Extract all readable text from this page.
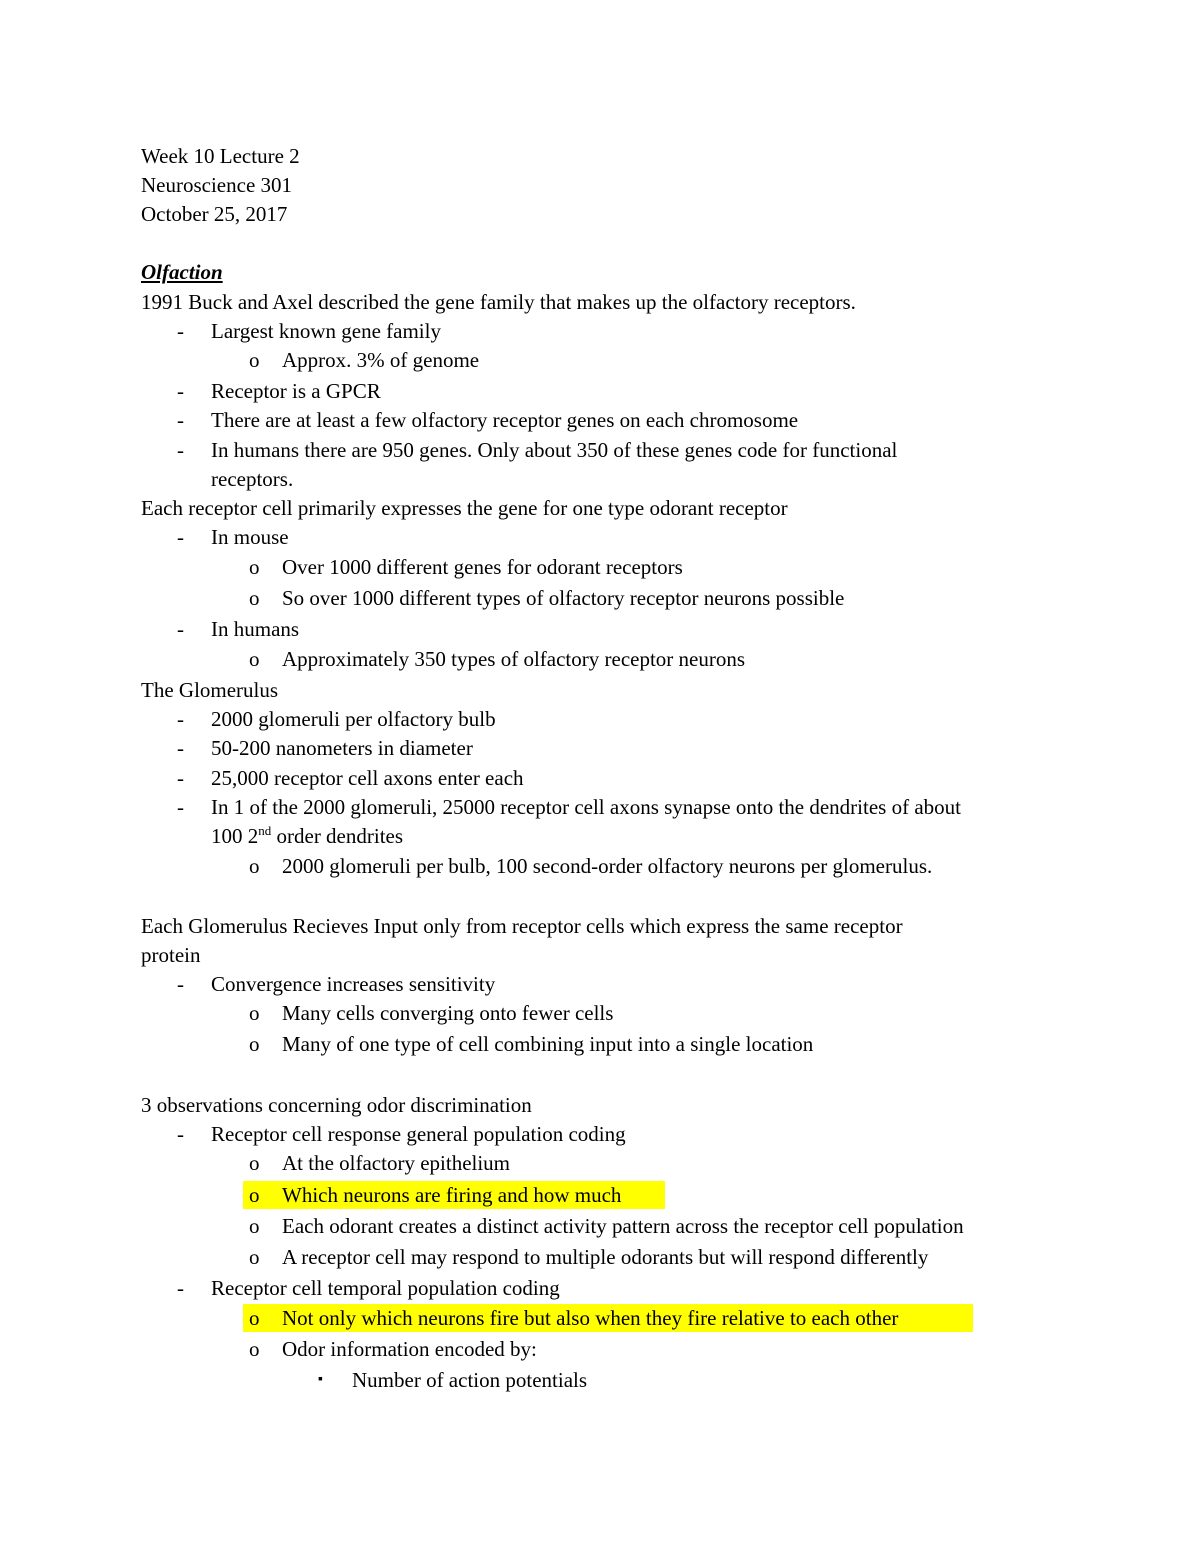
Week 10 Lecture 2
Neuroscience 301
October 25, 2017
Olfaction
1991 Buck and Axel described the gene family that makes up the olfactory receptors.
- Largest known gene family
o Approx. 3% of genome
- Receptor is a GPCR
- There are at least a few olfactory receptor genes on each chromosome
- In humans there are 950 genes. Only about 350 of these genes code for functional
receptors.
Each receptor cell primarily expresses the gene for one type odorant receptor
- In mouse
o Over 1000 different genes for odorant receptors
o So over 1000 different types of olfactory receptor neurons possible
- In humans
o Approximately 350 types of olfactory receptor neurons
The Glomerulus
- 2000 glomeruli per olfactory bulb
- 50-200 nanometers in diameter
- 25,000 receptor cell axons enter each
- In 1 of the 2000 glomeruli, 25000 receptor cell axons synapse onto the dendrites of about
100 2nd order dendrites
o 2000 glomeruli per bulb, 100 second-order olfactory neurons per glomerulus.
Each Glomerulus Recieves Input only from receptor cells which express the same receptor
protein
- Convergence increases sensitivity
o Many cells converging onto fewer cells
o Many of one type of cell combining input into a single location
3 observations concerning odor discrimination
- Receptor cell response general population coding
o At the olfactory epithelium
o Which neurons are firing and how much
o Each odorant creates a distinct activity pattern across the receptor cell population
o A receptor cell may respond to multiple odorants but will respond differently
- Receptor cell temporal population coding
o Not only which neurons fire but also when they fire relative to each other
o Odor information encoded by:
▪ Number of action potentials
